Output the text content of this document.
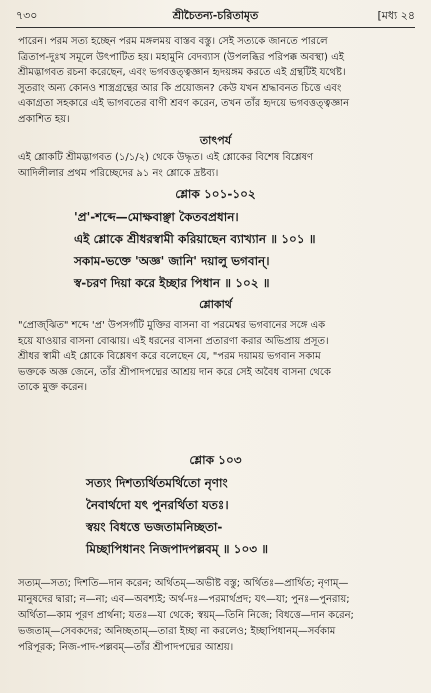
৭৩০	শ্রীচৈতন্য-চরিতামৃত	[মধ্য ২৪
পারেন। পরম সত্য হচ্ছেন পরম মঙ্গলময় বাস্তব বস্তু। সেই সত্যকে জানতে পারলে
ত্রিতাপ-দুঃখ সমূলে উৎপাটিত হয়। মহামুনি বেদব্যাস (উপলব্ধির পরিপক্ক অবস্থা) এই
শ্রীমদ্ভাগবত রচনা করেছেন, এবং ভগবত্তত্ত্বজ্ঞান হৃদয়ঙ্গম করতে এই গ্রন্থটিই যথেষ্ট।
সুতরাং অন্য কোনও শাস্ত্রগ্রন্থের আর কি প্রয়োজন? কেউ যখন শ্রদ্ধাবনত চিত্তে এবং
একাগ্রতা সহকারে এই ভাগবতের বাণী শ্রবণ করেন, তখন তাঁর হৃদয়ে ভগবত্তত্ত্বজ্ঞান
প্রকাশিত হয়।
তাৎপর্য
এই শ্লোকটি শ্রীমদ্ভাগবত (১/১/২) থেকে উদ্ধৃত। এই শ্লোকের বিশেষ বিশ্লেষণ
আদিলীলার প্রথম পরিচ্ছেদের ৯১ নং শ্লোকে দ্রষ্টব্য।
শ্লোক ১০১-১০২
'প্র'-শব্দে—মোক্ষবাঞ্ছা কৈতবপ্রধান।
এই শ্লোকে শ্রীধরস্বামী করিয়াছেন ব্যাখ্যান ॥ ১০১ ॥
সকাম-ভক্তে 'অজ্ঞ' জানি' দয়ালু ভগবান্।
স্ব-চরণ দিয়া করে ইচ্ছার পিধান ॥ ১০২ ॥
শ্লোকার্থ
"প্রোজ্‌ঝিত" শব্দে 'প্র' উপসর্গটি মুক্তির বাসনা বা পরমেশ্বর ভগবানের সঙ্গে এক
হয়ে যাওয়ার বাসনা বোঝায়। এই ধরনের বাসনা প্রতারণা করার অভিপ্রায় প্রসূত।
শ্রীধর স্বামী এই শ্লোকে বিশ্লেষণ করে বলেছেন যে, "পরম দয়াময় ভগবান সকাম
ভক্তকে অজ্ঞ জেনে, তাঁর শ্রীপাদপদ্মের আশ্রয় দান করে সেই অবৈধ বাসনা থেকে
তাকে মুক্ত করেন।
শ্লোক ১০৩
সত্যং দিশত্যর্থিতমর্থিতো নৃণাং
নৈবার্থদো যৎ পুনরর্থিতা যতঃ।
স্বয়ং বিধত্তে ভজতামনিচ্ছতা-
মিচ্ছাপিধানং নিজপাদপল্লবম্ ॥ ১০৩ ॥
সত্যম্—সত্য; দিশতি—দান করেন; অর্থিতম্—অভীষ্ট বস্তু; অর্থিতঃ—প্রার্থিত; নৃণাম্—
মানুষদের দ্বারা; ন—না; এব—অবশ্যই; অর্থ-দঃ—পরমার্থপ্রদ; যৎ—যা; পুনঃ—পুনরায়;
অর্থিতা—কাম পূরণ প্রার্থনা; যতঃ—যা থেকে; স্বয়ম্—তিনি নিজে; বিধত্তে—দান করেন;
ভজতাম্—সেবকদের; অনিচ্ছতাম্—তারা ইচ্ছা না করলেও; ইচ্ছাপিধানম্—সর্বকাম
পরিপূরক; নিজ-পাদ-পল্লবম্—তাঁর শ্রীপাদপদ্মের আশ্রয়।
